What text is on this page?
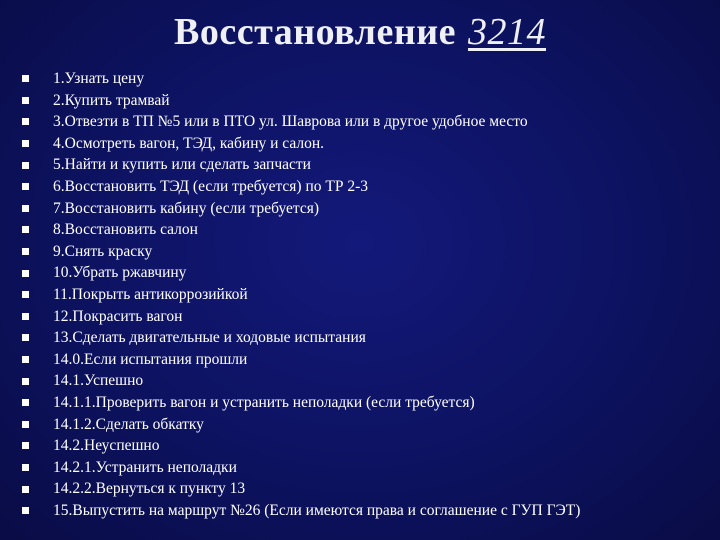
Восстановление 3214
1.Узнать цену
2.Купить трамвай
3.Отвезти в ТП №5 или в ПТО ул. Шаврова или в другое удобное место
4.Осмотреть вагон, ТЭД, кабину и салон.
5.Найти и купить или сделать запчасти
6.Восстановить ТЭД (если требуется) по ТР 2-3
7.Восстановить кабину (если требуется)
8.Восстановить салон
9.Снять краску
10.Убрать ржавчину
11.Покрыть антикоррозийкой
12.Покрасить вагон
13.Сделать двигательные и ходовые испытания
14.0.Если испытания прошли
14.1.Успешно
14.1.1.Проверить вагон и устранить неполадки (если требуется)
14.1.2.Сделать обкатку
14.2.Неуспешно
14.2.1.Устранить неполадки
14.2.2.Вернуться к пункту 13
15.Выпустить на маршрут №26 (Если имеются права и соглашение с ГУП ГЭТ)
